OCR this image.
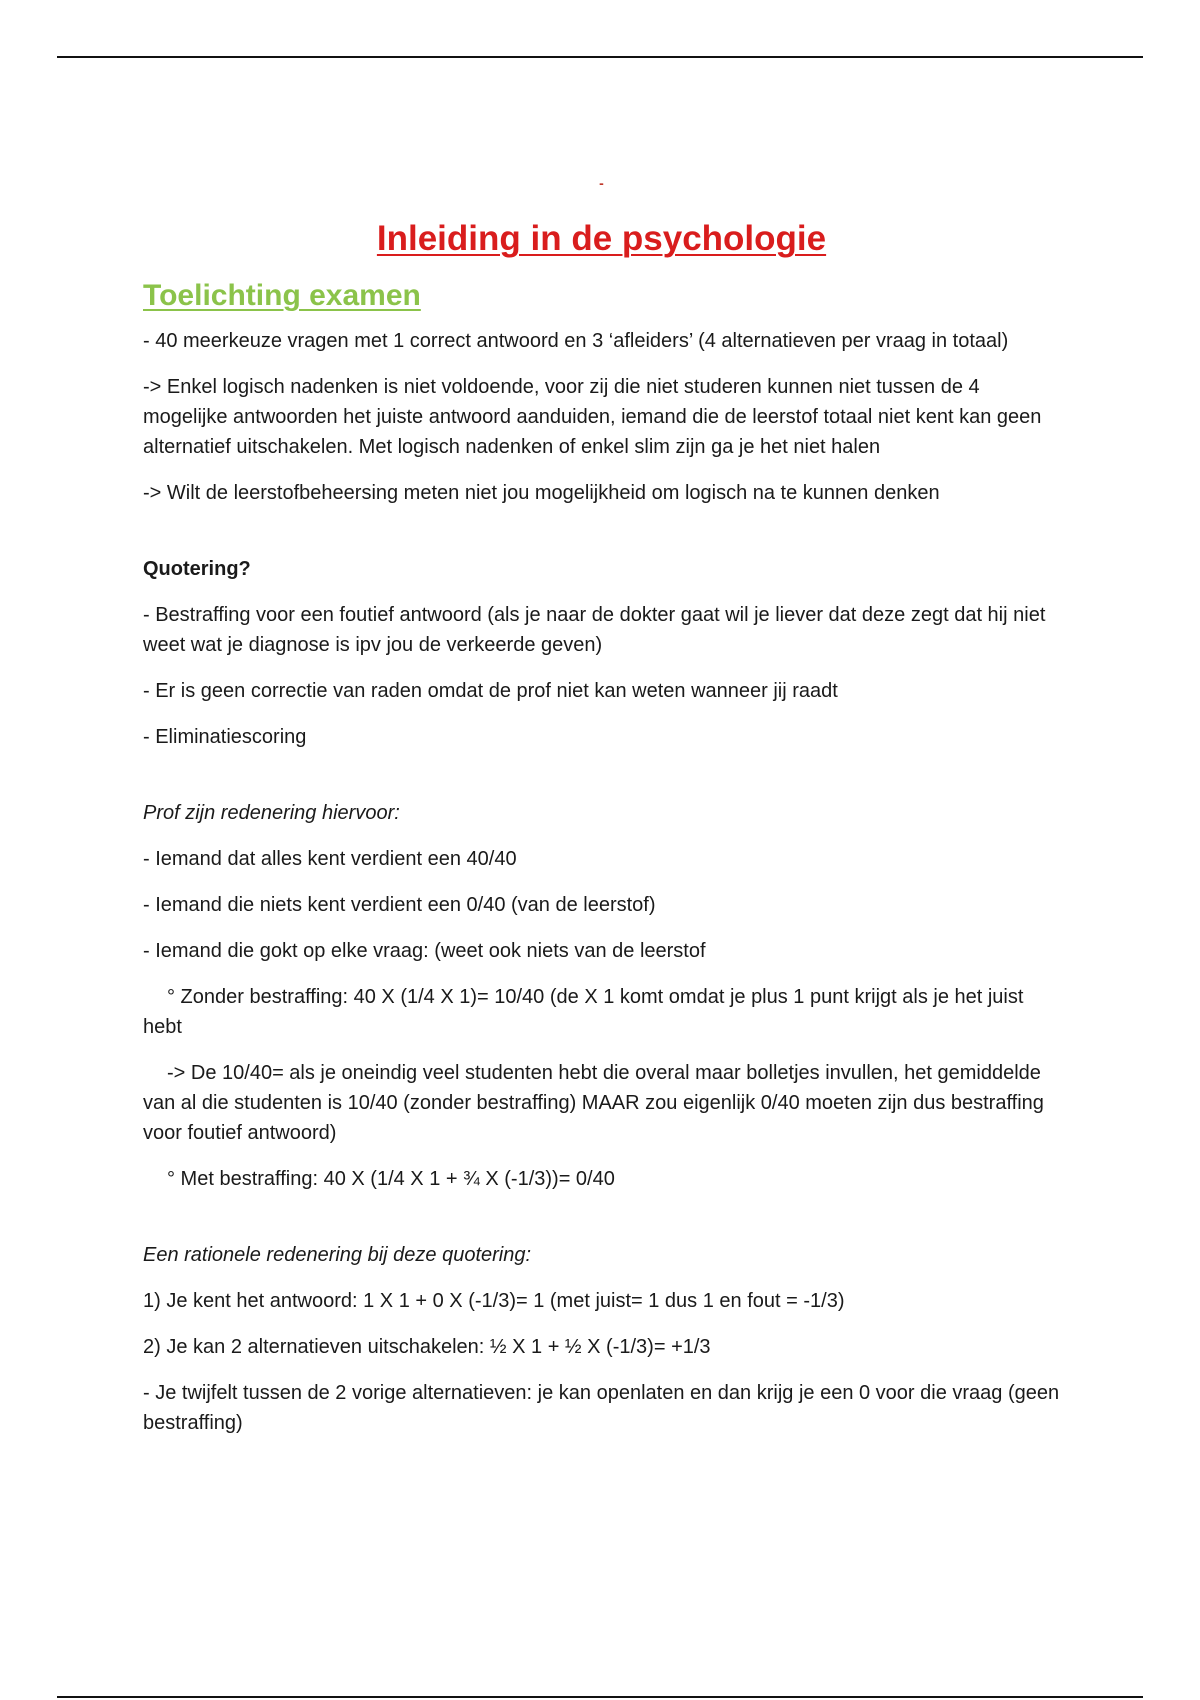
-
Inleiding in de psychologie
Toelichting examen

- 40 meerkeuze vragen met 1 correct antwoord en 3 ‘afleiders’ (4 alternatieven per vraag in totaal)

-> Enkel logisch nadenken is niet voldoende, voor zij die niet studeren kunnen niet tussen de 4 mogelijke antwoorden het juiste antwoord aanduiden, iemand die de leerstof totaal niet kent kan geen alternatief uitschakelen. Met logisch nadenken of enkel slim zijn ga je het niet halen

-> Wilt de leerstofbeheersing meten niet jou mogelijkheid om logisch na te kunnen denken

Quotering?

- Bestraffing voor een foutief antwoord (als je naar de dokter gaat wil je liever dat deze zegt dat hij niet weet wat je diagnose is ipv jou de verkeerde geven)

- Er is geen correctie van raden omdat de prof niet kan weten wanneer jij raadt

- Eliminatiescoring

Prof zijn redenering hiervoor:

- Iemand dat alles kent verdient een 40/40

- Iemand die niets kent verdient een 0/40 (van de leerstof)

- Iemand die gokt op elke vraag: (weet ook niets van de leerstof

° Zonder bestraffing: 40 X (1/4 X 1)= 10/40 (de X 1 komt omdat je plus 1 punt krijgt als je het juist hebt

-> De 10/40= als je oneindig veel studenten hebt die overal maar bolletjes invullen, het gemiddelde van al die studenten is 10/40 (zonder bestraffing) MAAR zou eigenlijk 0/40 moeten zijn dus bestraffing voor foutief antwoord)

° Met bestraffing: 40 X (1/4 X 1 + ¾ X (-1/3))= 0/40

Een rationele redenering bij deze quotering:

1) Je kent het antwoord: 1 X 1 + 0 X (-1/3)= 1 (met juist= 1 dus 1 en fout = -1/3)

2) Je kan 2 alternatieven uitschakelen: ½ X 1 + ½ X (-1/3)= +1/3

- Je twijfelt tussen de 2 vorige alternatieven: je kan openlaten en dan krijg je een 0 voor die vraag (geen bestraffing)
